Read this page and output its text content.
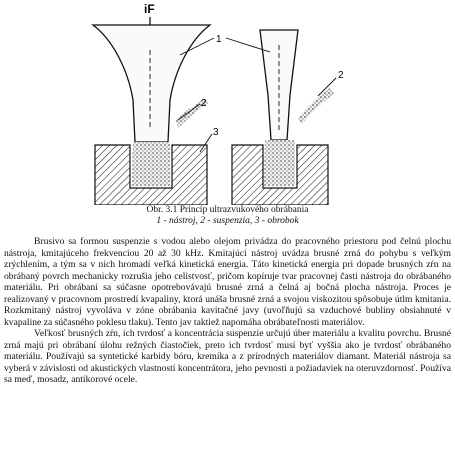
iF
1
2
2
3
Obr. 3.1 Princíp ultrazvukového obrábania
1 - nástroj, 2 - suspenzia, 3 - obrobok

Brusivo sa formou suspenzie s vodou alebo olejom privádza do pracovného priestoru pod čelnú plochu nástroja, kmitajúceho frekvenciou 20 až 30 kHz. Kmitajúci nástroj uvádza brusné zrná do pohybu s veľkým zrýchlením, a tým sa v nich hromadí veľká kinetická energia. Táto kinetická energia pri dopade brusných zŕn na obrábaný povrch mechanicky rozrušia jeho celistvosť, pričom kopíruje tvar pracovnej časti nástroja do obrábaného materiálu. Pri obrábaní sa súčasne opotrebovávajú brusné zrná a čelná aj bočná plocha nástroja. Proces je realizovaný v pracovnom prostredí kvapaliny, ktorá unáša brusné zrná a svojou viskozitou spôsobuje útlm kmitania. Rozkmitaný nástroj vyvoláva v zóne obrábania kavitačné javy (uvoľňujú sa vzduchové bubliny obsiahnuté v kvapaline za súčasného poklesu tlaku). Tento jav taktiež napomáha obrábateľnosti materiálov.

Veľkosť brusných zŕn, ich tvrdosť a koncentrácia suspenzie určujú úber materiálu a kvalitu povrchu. Brusné zrná majú pri obrábaní úlohu režných čiastočiek, preto ich tvrdosť musí byť vyššia ako je tvrdosť obrábaného materiálu. Používajú sa syntetické karbidy bóru, kremíka a z prírodných materiálov diamant. Materiál nástroja sa vyberá v závislosti od akustických vlastností koncentrátora, jeho pevnosti a požiadaviek na oteruvzdornosť. Používa sa meď, mosadz, antikorové ocele.
